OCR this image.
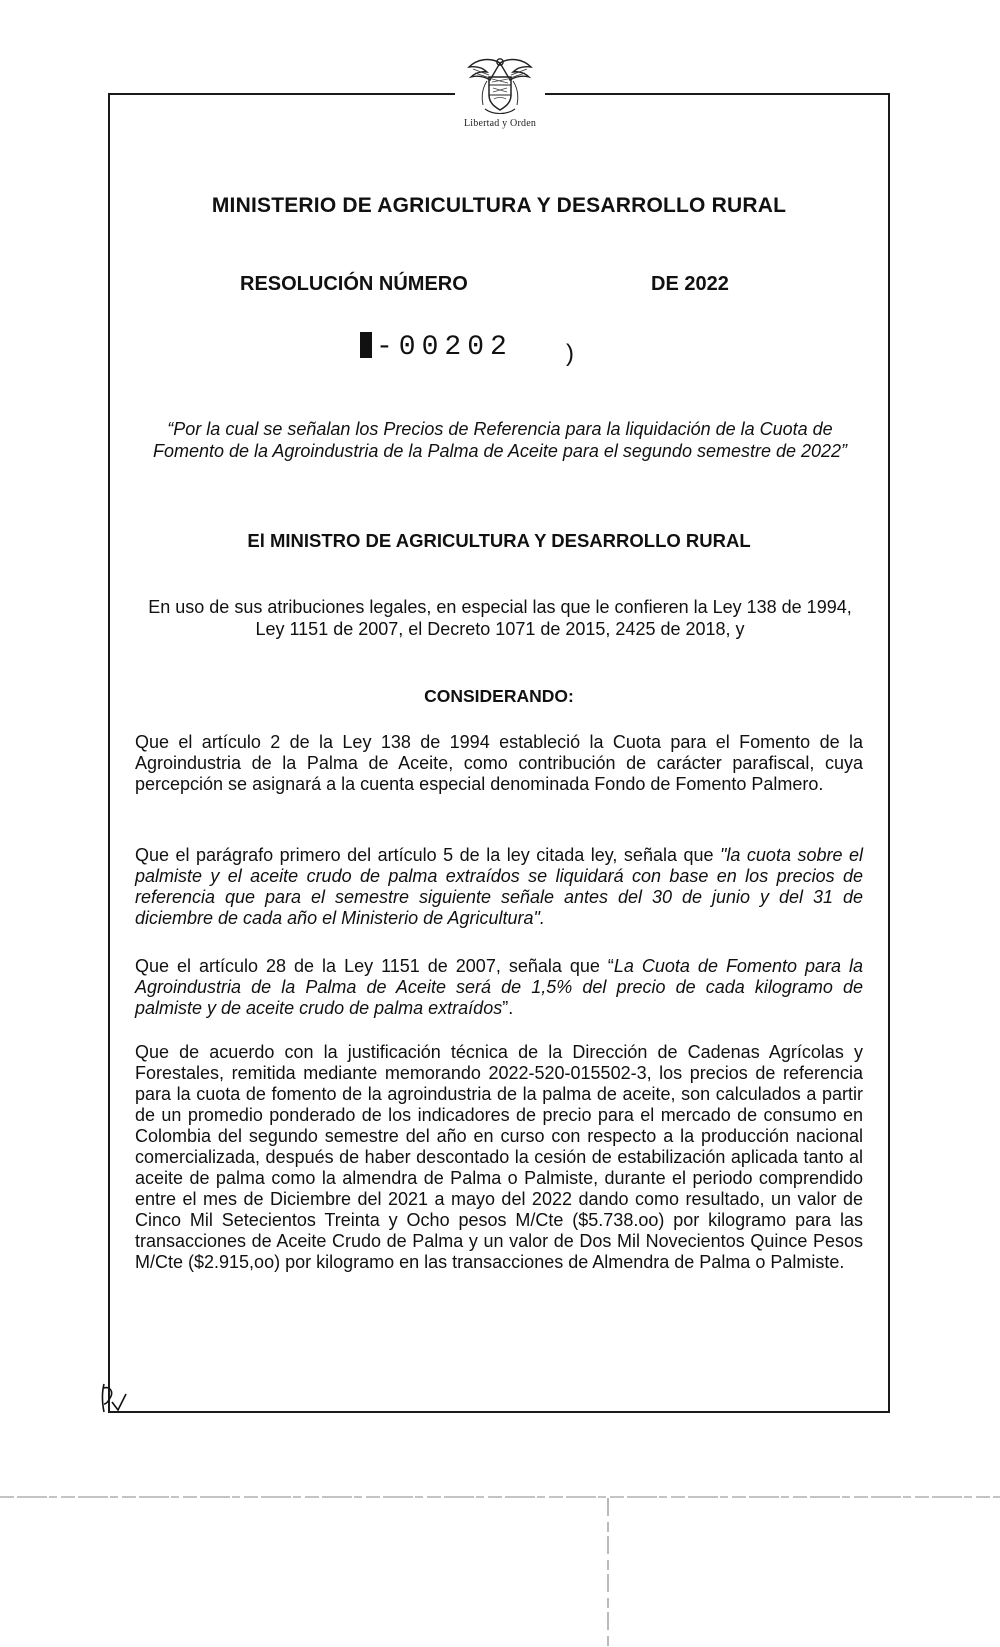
Libertad y Orden
MINISTERIO DE AGRICULTURA Y DESARROLLO RURAL
RESOLUCIÓN NÚMERO	DE 2022
-00202 )
“Por la cual se señalan los Precios de Referencia para la liquidación de la Cuota de Fomento de la Agroindustria de la Palma de Aceite para el segundo semestre de 2022”
El MINISTRO DE AGRICULTURA Y DESARROLLO RURAL
En uso de sus atribuciones legales, en especial las que le confieren la Ley 138 de 1994, Ley 1151 de 2007, el Decreto 1071 de 2015, 2425 de 2018, y
CONSIDERANDO:

Que el artículo 2 de la Ley 138 de 1994 estableció la Cuota para el Fomento de la Agroindustria de la Palma de Aceite, como contribución de carácter parafiscal, cuya percepción se asignará a la cuenta especial denominada Fondo de Fomento Palmero.

Que el parágrafo primero del artículo 5 de la ley citada ley, señala que "la cuota sobre el palmiste y el aceite crudo de palma extraídos se liquidará con base en los precios de referencia que para el semestre siguiente señale antes del 30 de junio y del 31 de diciembre de cada año el Ministerio de Agricultura".

Que el artículo 28 de la Ley 1151 de 2007, señala que “La Cuota de Fomento para la Agroindustria de la Palma de Aceite será de 1,5% del precio de cada kilogramo de palmiste y de aceite crudo de palma extraídos”.

Que de acuerdo con la justificación técnica de la Dirección de Cadenas Agrícolas y Forestales, remitida mediante memorando 2022-520-015502-3, los precios de referencia para la cuota de fomento de la agroindustria de la palma de aceite, son calculados a partir de un promedio ponderado de los indicadores de precio para el mercado de consumo en Colombia del segundo semestre del año en curso con respecto a la producción nacional comercializada, después de haber descontado la cesión de estabilización aplicada tanto al aceite de palma como la almendra de Palma o Palmiste, durante el periodo comprendido entre el mes de Diciembre del 2021 a mayo del 2022 dando como resultado, un valor de Cinco Mil Setecientos Treinta y Ocho pesos M/Cte ($5.738.oo) por kilogramo para las transacciones de Aceite Crudo de Palma y un valor de Dos Mil Novecientos Quince Pesos M/Cte ($2.915,oo) por kilogramo en las transacciones de Almendra de Palma o Palmiste.
